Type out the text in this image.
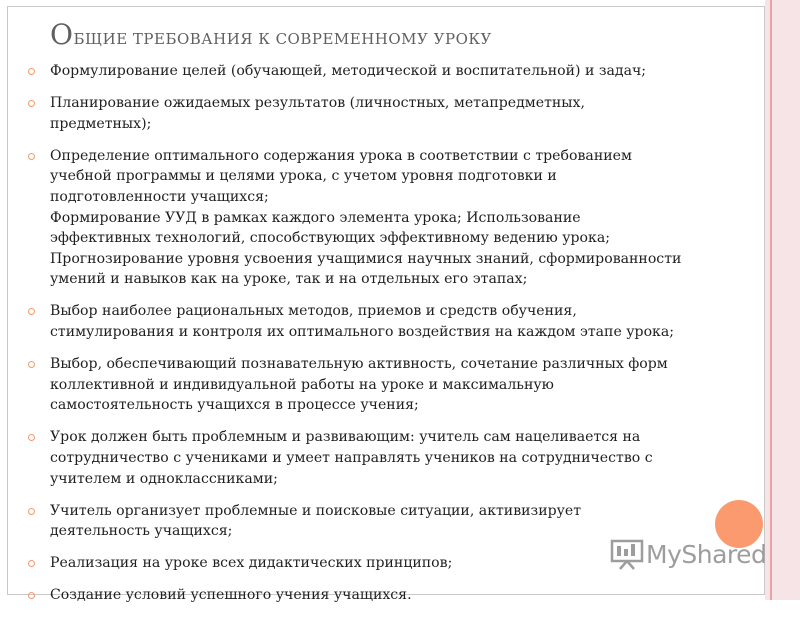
Общие требования к современному уроку
Формулирование целей (обучающей, методической и воспитательной) и задач;
Планирование ожидаемых результатов (личностных, метапредметных,
предметных);
Определение оптимального содержания урока в соответствии с требованием
учебной программы и целями урока, с учетом уровня подготовки и
подготовленности учащихся;
Формирование УУД в рамках каждого элемента урока; Использование
эффективных технологий, способствующих эффективному ведению урока;
Прогнозирование уровня усвоения учащимися научных знаний, сформированности
умений и навыков как на уроке, так и на отдельных его этапах;
Выбор наиболее рациональных методов, приемов и средств обучения,
стимулирования и контроля их оптимального воздействия на каждом этапе урока;
Выбор, обеспечивающий познавательную активность, сочетание различных форм
коллективной и индивидуальной работы на уроке и максимальную
самостоятельность учащихся в процессе учения;
Урок должен быть проблемным и развивающим: учитель сам нацеливается на
сотрудничество с учениками и умеет направлять учеников на сотрудничество с
учителем и одноклассниками;
Учитель организует проблемные и поисковые ситуации, активизирует
деятельность учащихся;
Реализация на уроке всех дидактических принципов;
Создание условий успешного учения учащихся.
MyShared
